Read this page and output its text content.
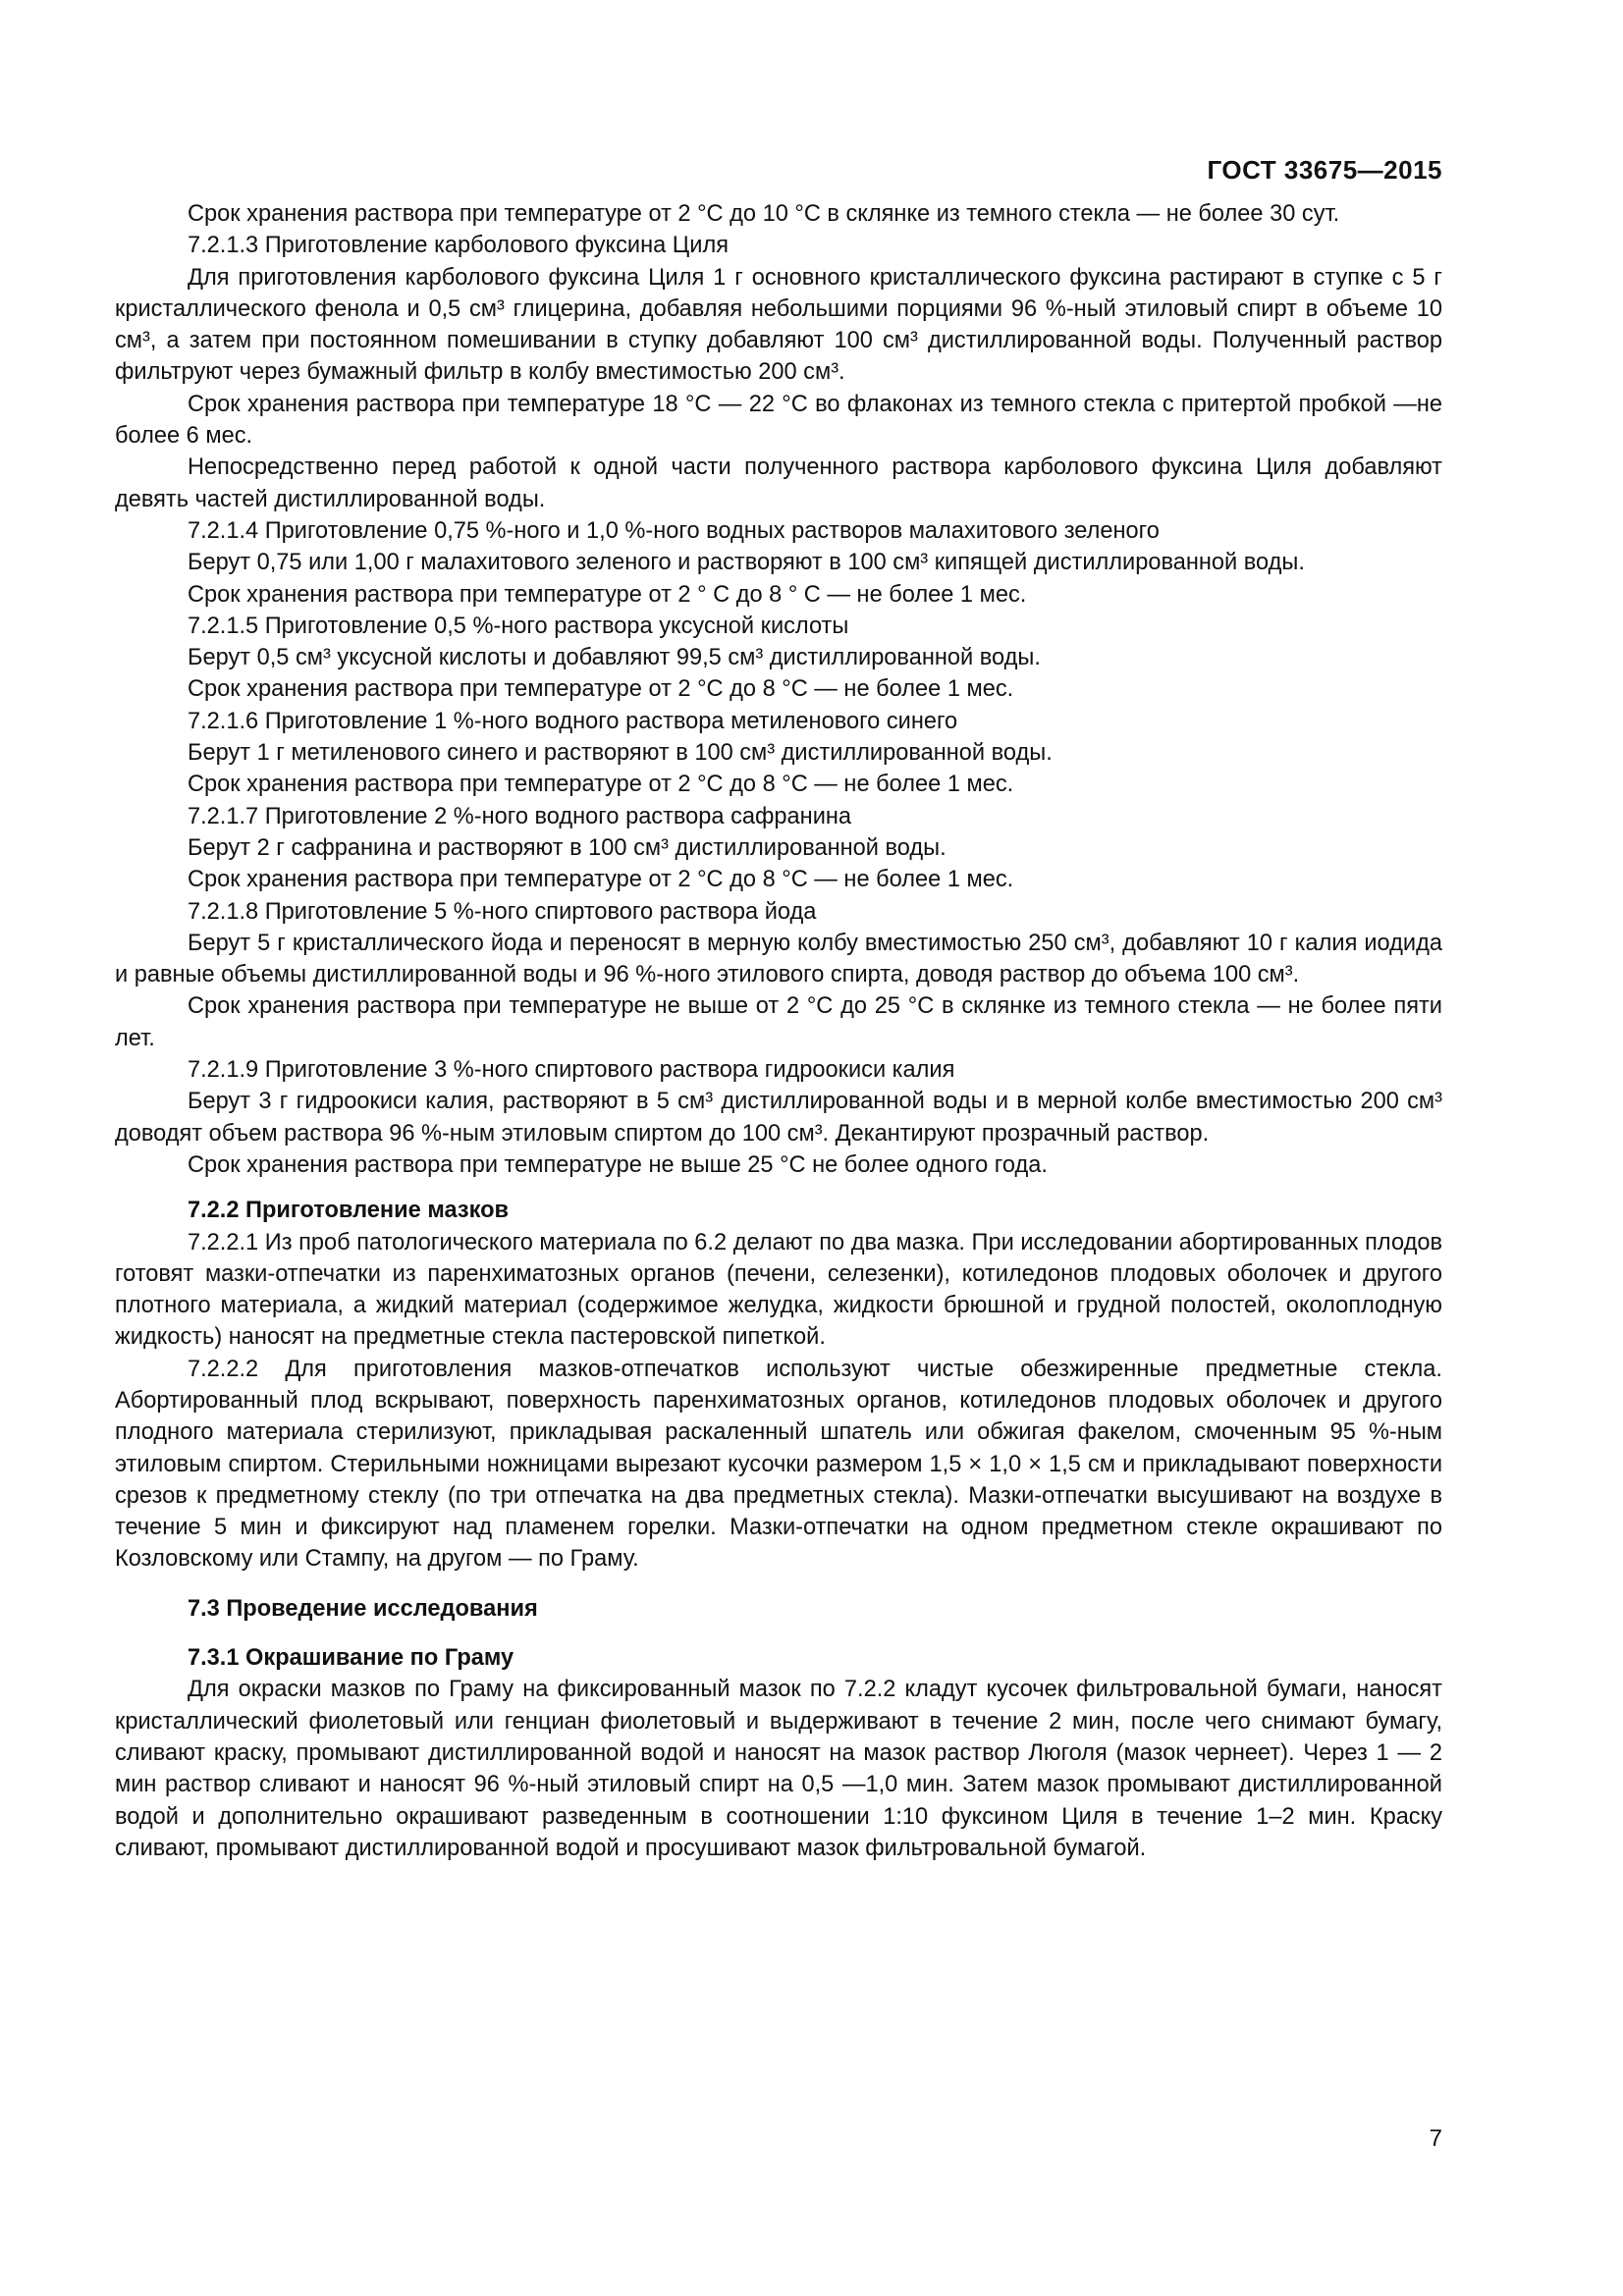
ГОСТ 33675—2015

Срок хранения раствора при температуре от 2 °С до 10 °С в склянке из темного стекла — не более 30 сут.

7.2.1.3 Приготовление карболового фуксина Циля

Для приготовления карболового фуксина Циля 1 г основного кристаллического фуксина растирают в ступке с 5 г кристаллического фенола и 0,5 см³ глицерина, добавляя небольшими порциями 96 %-ный этиловый спирт в объеме 10 см³, а затем при постоянном помешивании в ступку добавляют 100 см³ дистиллированной воды. Полученный раствор фильтруют через бумажный фильтр в колбу вместимостью 200 см³.

Срок хранения раствора при температуре 18 °С — 22 °С во флаконах из темного стекла с притертой пробкой —не более 6 мес.

Непосредственно перед работой к одной части полученного раствора карболового фуксина Циля добавляют девять частей дистиллированной воды.

7.2.1.4 Приготовление 0,75 %-ного и 1,0 %-ного водных растворов малахитового зеленого

Берут 0,75 или 1,00 г малахитового зеленого и растворяют в 100 см³ кипящей дистиллированной воды.

Срок хранения раствора при температуре от 2 ° С до 8 ° С — не более 1 мес.

7.2.1.5 Приготовление 0,5 %-ного раствора уксусной кислоты

Берут 0,5 см³ уксусной кислоты и добавляют 99,5 см³ дистиллированной воды.

Срок хранения раствора при температуре от 2 °С до 8 °С — не более 1 мес.

7.2.1.6 Приготовление 1 %-ного водного раствора метиленового синего

Берут 1 г метиленового синего и растворяют в 100 см³ дистиллированной воды.

Срок хранения раствора при температуре от 2 °С до 8 °С — не более 1 мес.

7.2.1.7 Приготовление 2 %-ного водного раствора сафранина

Берут 2 г сафранина и растворяют в 100 см³ дистиллированной воды.

Срок хранения раствора при температуре от 2 °С до 8 °С — не более 1 мес.

7.2.1.8 Приготовление 5 %-ного спиртового раствора йода

Берут 5 г кристаллического йода и переносят в мерную колбу вместимостью 250 см³, добавляют 10 г калия иодида и равные объемы дистиллированной воды и 96 %-ного этилового спирта, доводя раствор до объема 100 см³.

Срок хранения раствора при температуре не выше от 2 °С до 25 °С в склянке из темного стекла — не более пяти лет.

7.2.1.9 Приготовление 3 %-ного спиртового раствора гидроокиси калия

Берут 3 г гидроокиси калия, растворяют в 5 см³ дистиллированной воды и в мерной колбе вместимостью 200 см³ доводят объем раствора 96 %-ным этиловым спиртом до 100 см³. Декантируют прозрачный раствор.

Срок хранения раствора при температуре не выше 25 °С не более одного года.

7.2.2 Приготовление мазков

7.2.2.1 Из проб патологического материала по 6.2 делают по два мазка. При исследовании абортированных плодов готовят мазки-отпечатки из паренхиматозных органов (печени, селезенки), котиледонов плодовых оболочек и другого плотного материала, а жидкий материал (содержимое желудка, жидкости брюшной и грудной полостей, околоплодную жидкость) наносят на предметные стекла пастеровской пипеткой.

7.2.2.2 Для приготовления мазков-отпечатков используют чистые обезжиренные предметные стекла. Абортированный плод вскрывают, поверхность паренхиматозных органов, котиледонов плодовых оболочек и другого плодного материала стерилизуют, прикладывая раскаленный шпатель или обжигая факелом, смоченным 95 %-ным этиловым спиртом. Стерильными ножницами вырезают кусочки размером 1,5 × 1,0 × 1,5 см и прикладывают поверхности срезов к предметному стеклу (по три отпечатка на два предметных стекла). Мазки-отпечатки высушивают на воздухе в течение 5 мин и фиксируют над пламенем горелки. Мазки-отпечатки на одном предметном стекле окрашивают по Козловскому или Стампу, на другом — по Граму.

7.3 Проведение исследования
7.3.1 Окрашивание по Граму

Для окраски мазков по Граму на фиксированный мазок по 7.2.2 кладут кусочек фильтровальной бумаги, наносят кристаллический фиолетовый или генциан фиолетовый и выдерживают в течение 2 мин, после чего снимают бумагу, сливают краску, промывают дистиллированной водой и наносят на мазок раствор Люголя (мазок чернеет). Через 1 — 2 мин раствор сливают и наносят 96 %-ный этиловый спирт на 0,5 —1,0 мин. Затем мазок промывают дистиллированной водой и дополнительно окрашивают разведенным в соотношении 1:10 фуксином Циля в течение 1–2 мин. Краску сливают, промывают дистиллированной водой и просушивают мазок фильтровальной бумагой.

7
